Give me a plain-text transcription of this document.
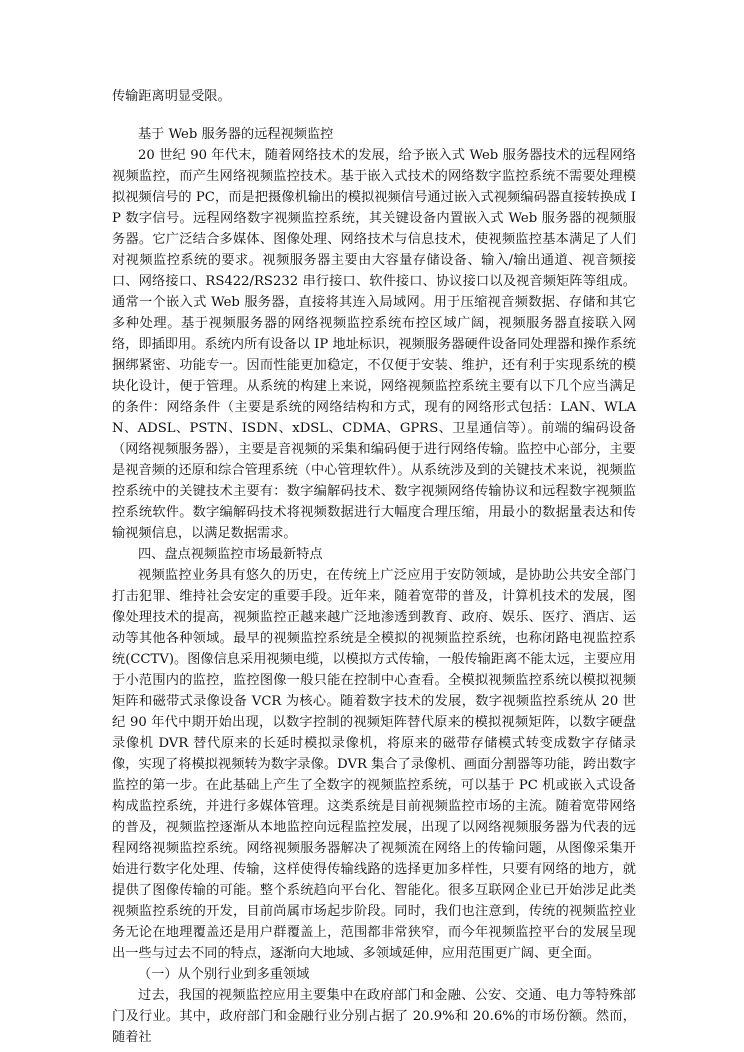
传输距离明显受限。

基于 Web 服务器的远程视频监控

20 世纪 90 年代末，随着网络技术的发展，给予嵌入式 Web 服务器技术的远程网络视频监控，而产生网络视频监控技术。基于嵌入式技术的网络数字监控系统不需要处理模拟视频信号的 PC，而是把摄像机输出的模拟视频信号通过嵌入式视频编码器直接转换成 IP 数字信号。远程网络数字视频监控系统，其关键设备内置嵌入式 Web 服务器的视频服务器。它广泛结合多媒体、图像处理、网络技术与信息技术，使视频监控基本满足了人们对视频监控系统的要求。视频服务器主要由大容量存储设备、输入/输出通道、视音频接口、网络接口、RS422/RS232 串行接口、软件接口、协议接口以及视音频矩阵等组成。通常一个嵌入式 Web 服务器，直接将其连入局域网。用于压缩视音频数据、存储和其它多种处理。基于视频服务器的网络视频监控系统布控区域广阔，视频服务器直接联入网络，即插即用。系统内所有设备以 IP 地址标识，视频服务器硬件设备同处理器和操作系统捆绑紧密、功能专一。因而性能更加稳定，不仅便于安装、维护，还有利于实现系统的模块化设计，便于管理。从系统的构建上来说，网络视频监控系统主要有以下几个应当满足的条件：网络条件（主要是系统的网络结构和方式，现有的网络形式包括：LAN、WLAN、ADSL、PSTN、ISDN、xDSL、CDMA、GPRS、卫星通信等）。前端的编码设备（网络视频服务器），主要是音视频的采集和编码便于进行网络传输。监控中心部分，主要是视音频的还原和综合管理系统（中心管理软件）。从系统涉及到的关键技术来说，视频监控系统中的关键技术主要有：数字编解码技术、数字视频网络传输协议和远程数字视频监控系统软件。数字编解码技术将视频数据进行大幅度合理压缩，用最小的数据量表达和传输视频信息，以满足数据需求。

四、盘点视频监控市场最新特点

视频监控业务具有悠久的历史，在传统上广泛应用于安防领域，是协助公共安全部门打击犯罪、维持社会安定的重要手段。近年来，随着宽带的普及，计算机技术的发展，图像处理技术的提高，视频监控正越来越广泛地渗透到教育、政府、娱乐、医疗、酒店、运动等其他各种领域。最早的视频监控系统是全模拟的视频监控系统，也称闭路电视监控系统(CCTV)。图像信息采用视频电缆，以模拟方式传输，一般传输距离不能太远，主要应用于小范围内的监控，监控图像一般只能在控制中心查看。全模拟视频监控系统以模拟视频矩阵和磁带式录像设备 VCR 为核心。随着数字技术的发展，数字视频监控系统从 20 世纪 90 年代中期开始出现，以数字控制的视频矩阵替代原来的模拟视频矩阵，以数字硬盘录像机 DVR 替代原来的长延时模拟录像机，将原来的磁带存储模式转变成数字存储录像，实现了将模拟视频转为数字录像。DVR 集合了录像机、画面分割器等功能，跨出数字监控的第一步。在此基础上产生了全数字的视频监控系统，可以基于 PC 机或嵌入式设备构成监控系统，并进行多媒体管理。这类系统是目前视频监控市场的主流。随着宽带网络的普及，视频监控逐渐从本地监控向远程监控发展，出现了以网络视频服务器为代表的远程网络视频监控系统。网络视频服务器解决了视频流在网络上的传输问题，从图像采集开始进行数字化处理、传输，这样使得传输线路的选择更加多样性，只要有网络的地方，就提供了图像传输的可能。整个系统趋向平台化、智能化。很多互联网企业已开始涉足此类视频监控系统的开发，目前尚属市场起步阶段。同时，我们也注意到，传统的视频监控业务无论在地理覆盖还是用户群覆盖上，范围都非常狭窄，而今年视频监控平台的发展呈现出一些与过去不同的特点，逐渐向大地域、多领域延伸，应用范围更广阔、更全面。

（一）从个别行业到多重领域

过去，我国的视频监控应用主要集中在政府部门和金融、公安、交通、电力等特殊部门及行业。其中，政府部门和金融行业分别占据了 20.9%和 20.6%的市场份额。然而，随着社
